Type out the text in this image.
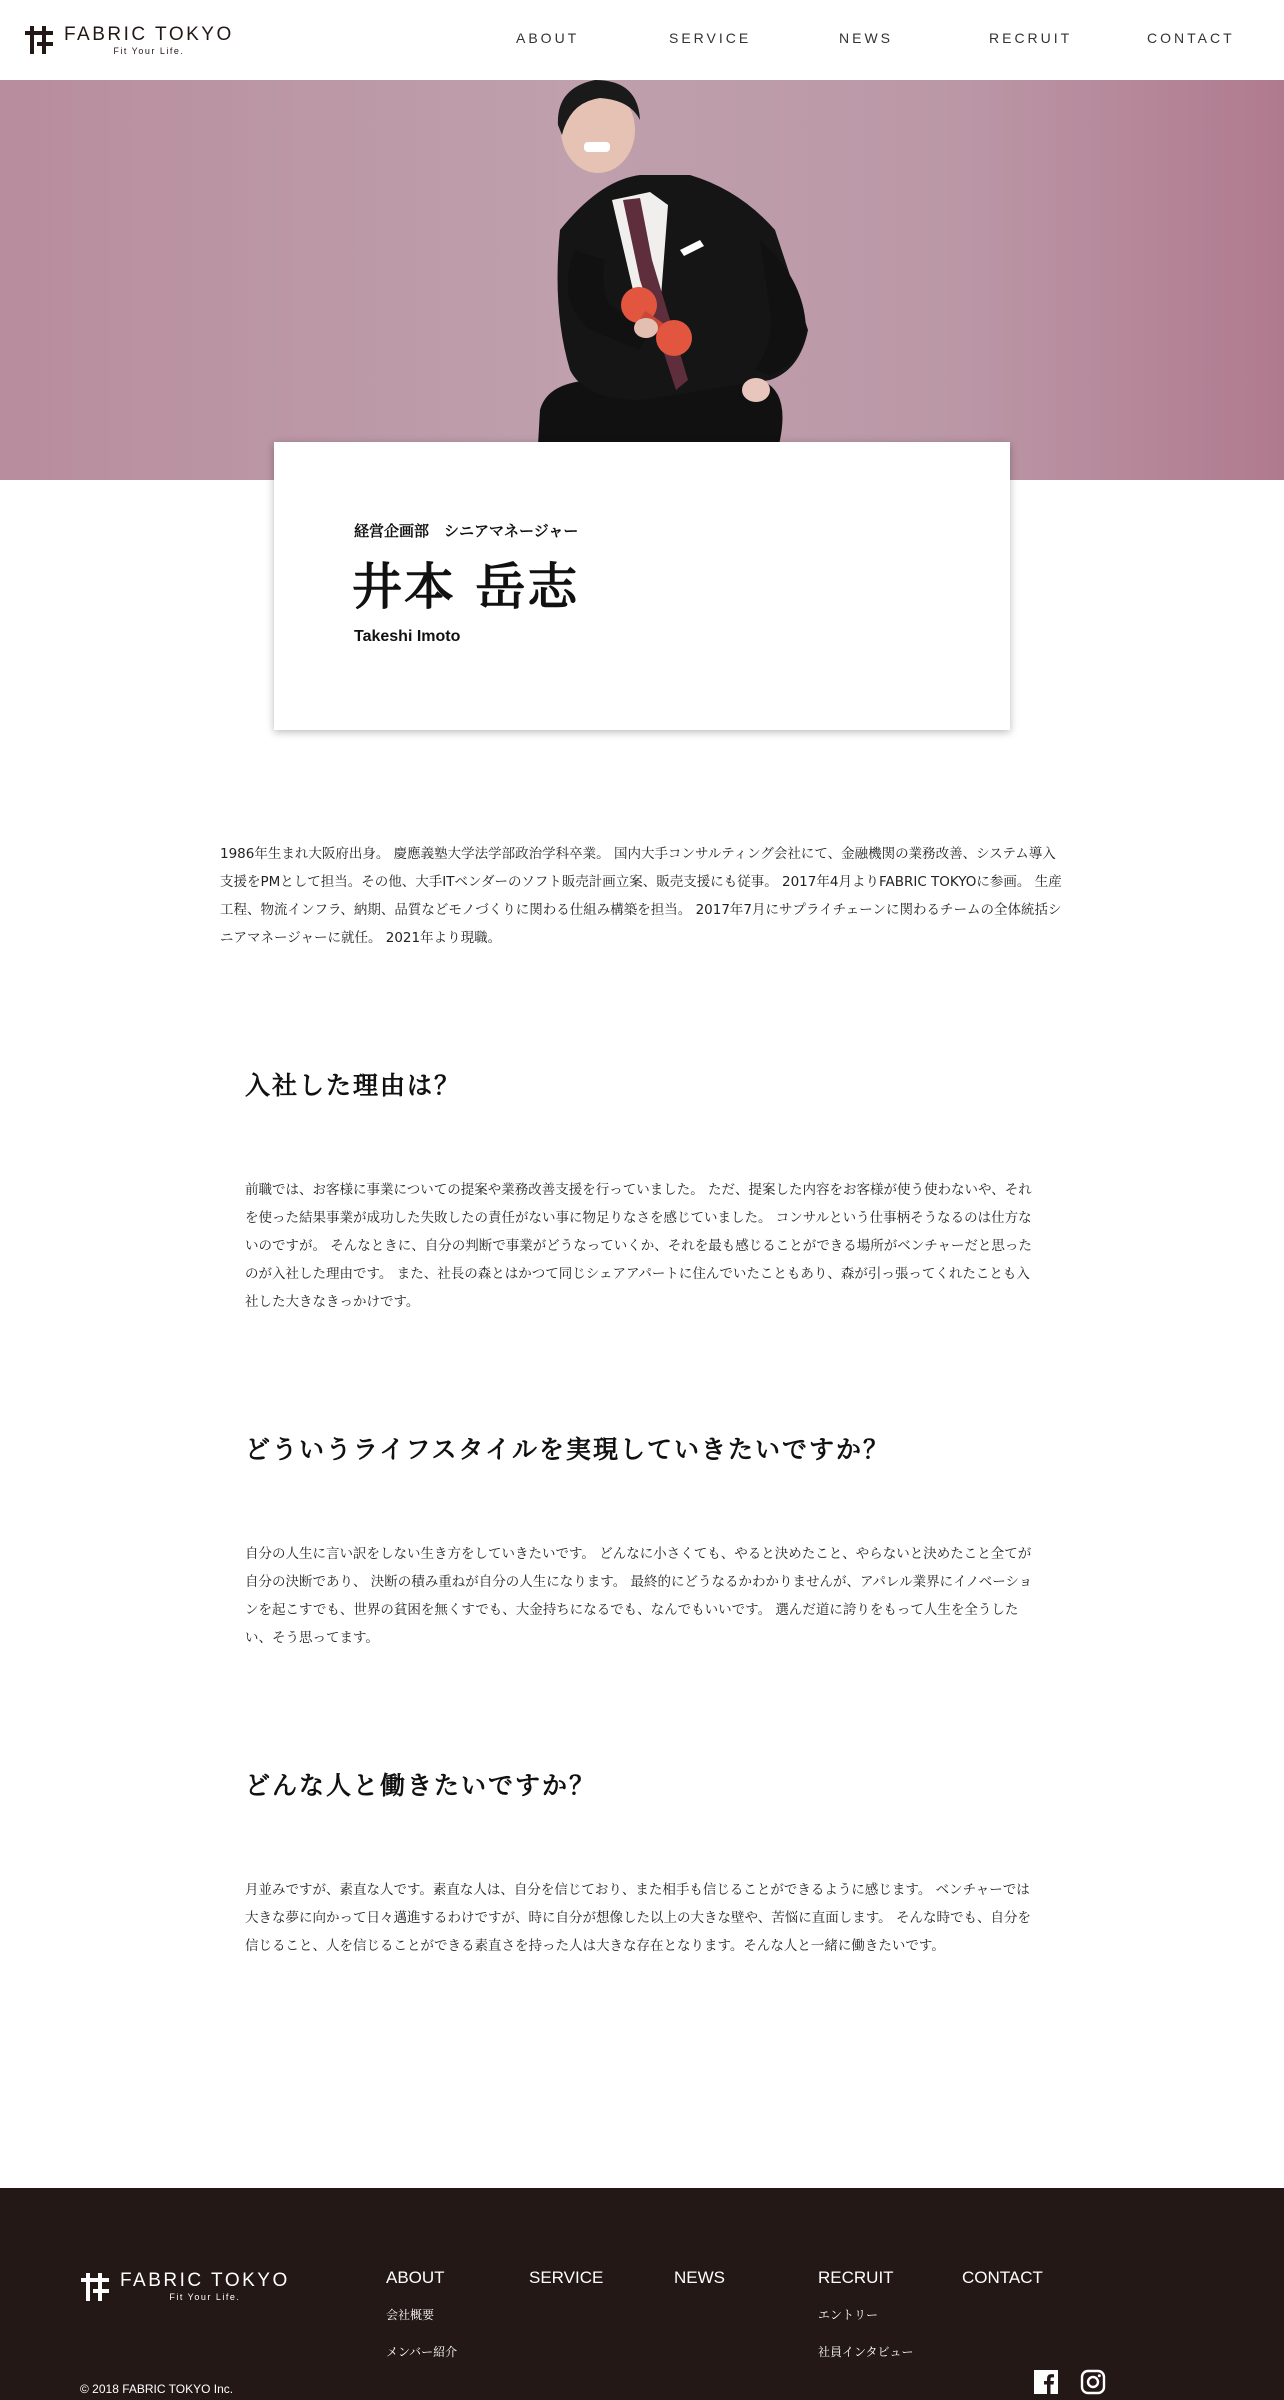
FABRIC TOKYO
Fit Your Life.
ABOUT	SERVICE	NEWS	RECRUIT	CONTACT
経営企画部　シニアマネージャー
井本 岳志
Takeshi Imoto

1986年生まれ大阪府出身。 慶應義塾大学法学部政治学科卒業。 国内大手コンサルティング会社にて、金融機関の業務改善、システム導入支援をPMとして担当。その他、大手ITベンダーのソフト販売計画立案、販売支援にも従事。 2017年4月よりFABRIC TOKYOに参画。 生産工程、物流インフラ、納期、品質などモノづくりに関わる仕組み構築を担当。 2017年7月にサプライチェーンに関わるチームの全体統括シニアマネージャーに就任。 2021年より現職。

入社した理由は？

前職では、お客様に事業についての提案や業務改善支援を行っていました。 ただ、提案した内容をお客様が使う使わないや、それを使った結果事業が成功した失敗したの責任がない事に物足りなさを感じていました。 コンサルという仕事柄そうなるのは仕方ないのですが。 そんなときに、自分の判断で事業がどうなっていくか、それを最も感じることができる場所がベンチャーだと思ったのが入社した理由です。 また、社長の森とはかつて同じシェアアパートに住んでいたこともあり、森が引っ張ってくれたことも入社した大きなきっかけです。

どういうライフスタイルを実現していきたいですか？

自分の人生に言い訳をしない生き方をしていきたいです。 どんなに小さくても、やると決めたこと、やらないと決めたこと全てが自分の決断であり、 決断の積み重ねが自分の人生になります。 最終的にどうなるかわかりませんが、アパレル業界にイノベーションを起こすでも、世界の貧困を無くすでも、大金持ちになるでも、なんでもいいです。 選んだ道に誇りをもって人生を全うしたい、そう思ってます。

どんな人と働きたいですか？

月並みですが、素直な人です。素直な人は、自分を信じており、また相手も信じることができるように感じます。 ベンチャーでは大きな夢に向かって日々邁進するわけですが、時に自分が想像した以上の大きな壁や、苦悩に直面します。 そんな時でも、自分を信じること、人を信じることができる素直さを持った人は大きな存在となります。そんな人と一緒に働きたいです。

FABRIC TOKYO
Fit Your Life.
ABOUT
会社概要
メンバー紹介
SERVICE	NEWS	RECRUIT
エントリー
社員インタビュー
CONTACT
© 2018 FABRIC TOKYO Inc.
